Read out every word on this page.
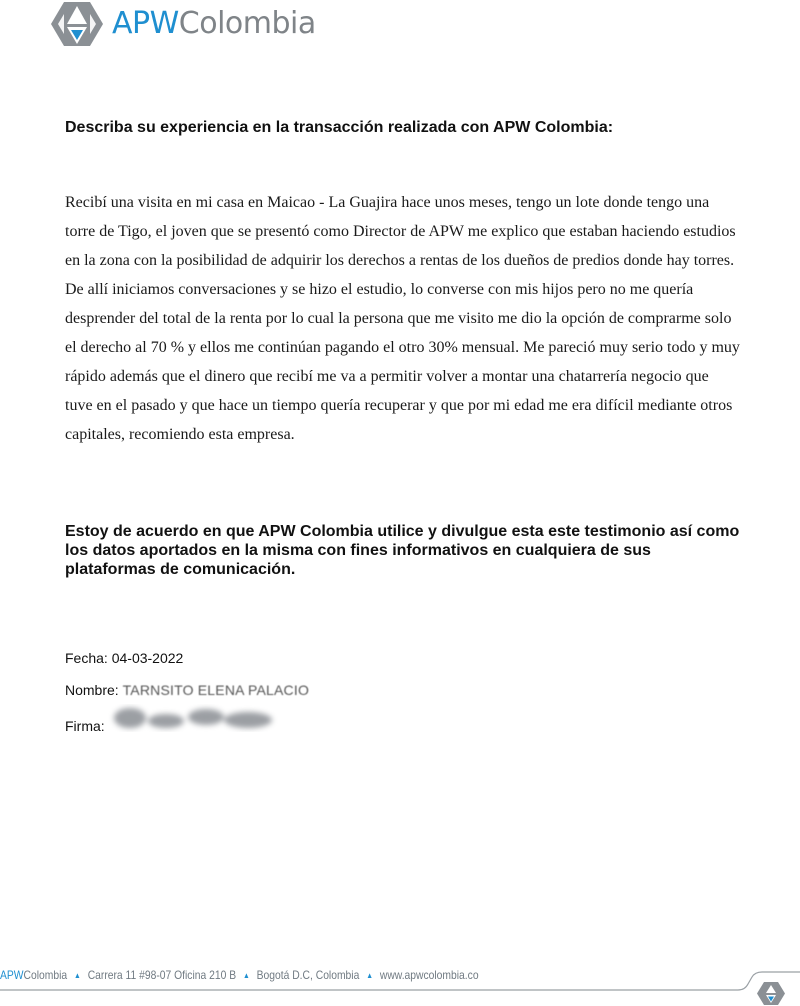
APWColombia
Describa su experiencia en la transacción realizada con APW Colombia:
Recibí una visita en mi casa en Maicao - La Guajira hace unos meses, tengo un lote donde tengo una torre de Tigo, el joven que se presentó como Director de APW me explico que estaban haciendo estudios en la zona con la posibilidad de adquirir los derechos a rentas de los dueños de predios donde hay torres. De allí iniciamos conversaciones y se hizo el estudio, lo converse con mis hijos pero no me quería desprender del total de la renta por lo cual la persona que me visito me dio la opción de comprarme solo el derecho al 70 % y ellos me continúan pagando el otro 30% mensual. Me pareció muy serio todo y muy rápido además que el dinero que recibí me va a permitir volver a montar una chatarrería negocio que tuve en el pasado y que hace un tiempo quería recuperar y que por mi edad me era difícil mediante otros capitales, recomiendo esta empresa.
Estoy de acuerdo en que APW Colombia utilice y divulgue esta este testimonio así como los datos aportados en la misma con fines informativos en cualquiera de sus plataformas de comunicación.
Fecha: 04-03-2022
Nombre: TARNSITO ELENA PALACIO
Firma:
APWColombia ▲ Carrera 11 #98-07 Oficina 210 B ▲ Bogotá D.C, Colombia ▲ www.apwcolombia.co
